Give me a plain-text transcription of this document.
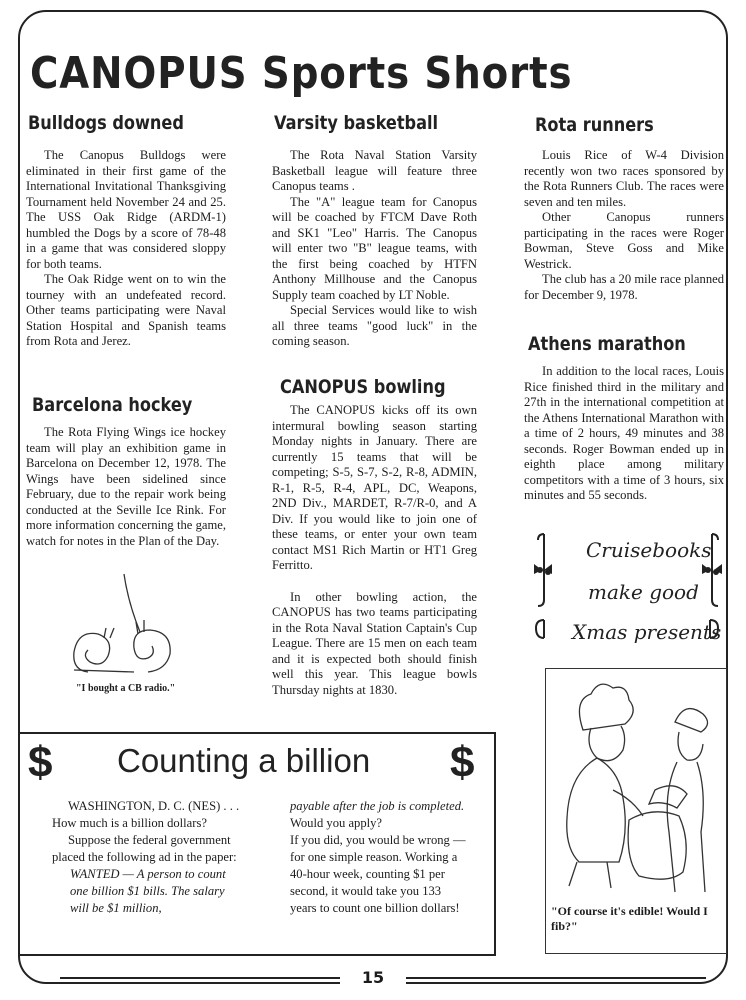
CANOPUS Sports Shorts
Bulldogs downed

The Canopus Bulldogs were eliminated in their first game of the International Invitational Thanksgiving Tournament held November 24 and 25. The USS Oak Ridge (ARDM-1) humbled the Dogs by a score of 78-48 in a game that was considered sloppy for both teams.

The Oak Ridge went on to win the tourney with an undefeated record. Other teams participating were Naval Station Hospital and Spanish teams from Rota and Jerez.

Barcelona hockey

The Rota Flying Wings ice hockey team will play an exhibition game in Barcelona on December 12, 1978. The Wings have been sidelined since February, due to the repair work being conducted at the Seville Ice Rink. For more information concerning the game, watch for notes in the Plan of the Day.

"I bought a CB radio."
Varsity basketball

The Rota Naval Station Varsity Basketball league will feature three Canopus teams .

The "A" league team for Canopus will be coached by FTCM Dave Roth and SK1 "Leo" Harris. The Canopus will enter two "B" league teams, with the first being coached by HTFN Anthony Millhouse and the Canopus Supply team coached by LT Noble.

Special Services would like to wish all three teams "good luck" in the coming season.

CANOPUS bowling

The CANOPUS kicks off its own intermural bowling season starting Monday nights in January. There are currently 15 teams that will be competing; S-5, S-7, S-2, R-8, ADMIN, R-1, R-5, R-4, APL, DC, Weapons, 2ND Div., MARDET, R-7/R-0, and A Div. If you would like to join one of these teams, or enter your own team contact MS1 Rich Martin or HT1 Greg Ferritto.

In other bowling action, the CANOPUS has two teams participating in the Rota Naval Station Captain's Cup League. There are 15 men on each team and it is expected both should finish well this year. This league bowls Thursday nights at 1830.

Rota runners

Louis Rice of W-4 Division recently won two races sponsored by the Rota Runners Club. The races were seven and ten miles.

Other Canopus runners participating in the races were Roger Bowman, Steve Goss and Mike Westrick.

The club has a 20 mile race planned for December 9, 1978.

Athens marathon

In addition to the local races, Louis Rice finished third in the military and 27th in the international competition at the Athens International Marathon with a time of 2 hours, 49 minutes and 38 seconds. Roger Bowman ended up in eighth place among military competitors with a time of 3 hours, six minutes and 55 seconds.

Cruisebooks
make good
Xmas presents
$ Counting a billion $

WASHINGTON, D. C. (NES) . . . How much is a billion dollars?

Suppose the federal government placed the following ad in the paper:

WANTED — A person to count one billion $1 bills. The salary will be $1 million,

payable after the job is completed.

Would you apply?

If you did, you would be wrong — for one simple reason. Working a 40-hour week, counting $1 per second, it would take you 133 years to count one billion dollars!	"Of course it's edible! Would I fib?"
15
